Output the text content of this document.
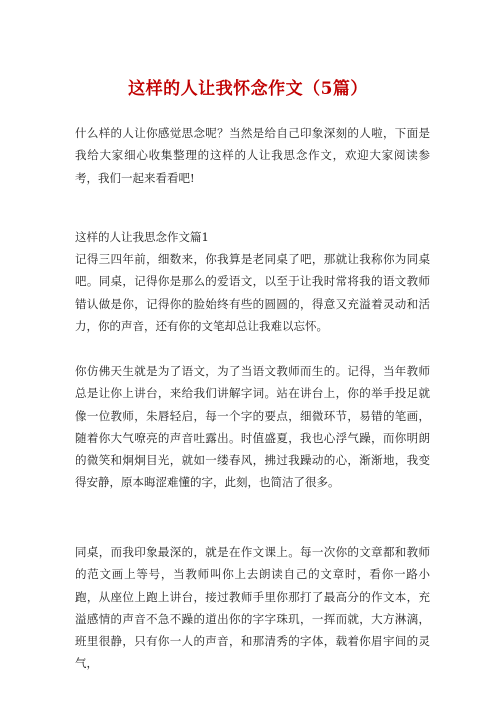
这样的人让我怀念作文（5篇）

什么样的人让你感觉思念呢？当然是给自己印象深刻的人啦，下面是我给大家细心收集整理的这样的人让我思念作文，欢迎大家阅读参考，我们一起来看看吧!

这样的人让我思念作文篇1

记得三四年前，细数来，你我算是老同桌了吧，那就让我称你为同桌吧。同桌，记得你是那么的爱语文，以至于让我时常将我的语文教师错认做是你，记得你的脸始终有些的圆圆的，得意又充溢着灵动和活力，你的声音，还有你的文笔却总让我难以忘怀。

你仿佛天生就是为了语文，为了当语文教师而生的。记得，当年教师总是让你上讲台，来给我们讲解字词。站在讲台上，你的举手投足就像一位教师，朱唇轻启，每一个字的要点，细微环节，易错的笔画，随着你大气嘹亮的声音吐露出。时值盛夏，我也心浮气躁，而你明朗的微笑和炯炯目光，就如一缕春风，拂过我躁动的心，渐渐地，我变得安静，原本晦涩难懂的字，此刻，也简洁了很多。

同桌，而我印象最深的，就是在作文课上。每一次你的文章都和教师的范文画上等号，当教师叫你上去朗读自己的文章时，看你一路小跑，从座位上跑上讲台，接过教师手里你那打了最高分的作文本，充溢感情的声音不急不躁的道出你的字字珠玑，一挥而就，大方淋漓，班里很静，只有你一人的声音，和那清秀的字体，载着你眉宇间的灵气，
